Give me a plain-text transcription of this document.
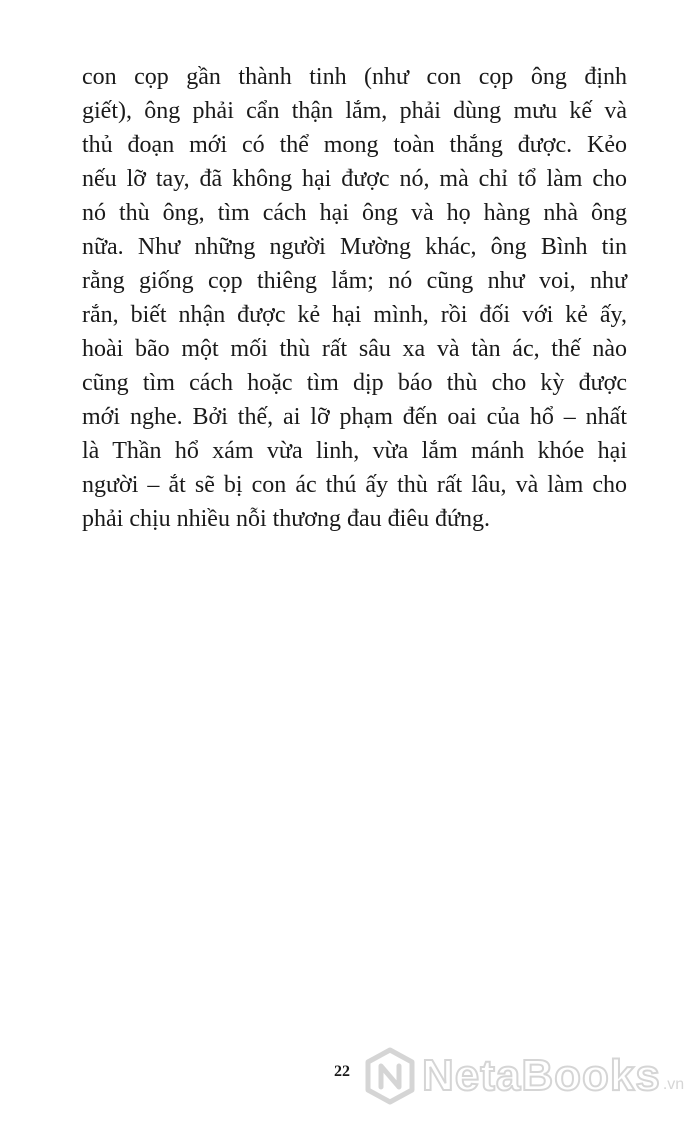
con cọp gần thành tinh (như con cọp ông định
giết), ông phải cẩn thận lắm, phải dùng mưu kế và
thủ đoạn mới có thể mong toàn thắng được. Kẻo
nếu lỡ tay, đã không hại được nó, mà chỉ tổ làm cho
nó thù ông, tìm cách hại ông và họ hàng nhà ông
nữa. Như những người Mường khác, ông Bình tin
rằng giống cọp thiêng lắm; nó cũng như voi, như
rắn, biết nhận được kẻ hại mình, rồi đối với kẻ ấy,
hoài bão một mối thù rất sâu xa và tàn ác, thế nào
cũng tìm cách hoặc tìm dịp báo thù cho kỳ được
mới nghe. Bởi thế, ai lỡ phạm đến oai của hổ – nhất
là Thần hổ xám vừa linh, vừa lắm mánh khóe hại
người – ắt sẽ bị con ác thú ấy thù rất lâu, và làm cho
phải chịu nhiều nỗi thương đau điêu đứng.
22 NetaBooks .vn
